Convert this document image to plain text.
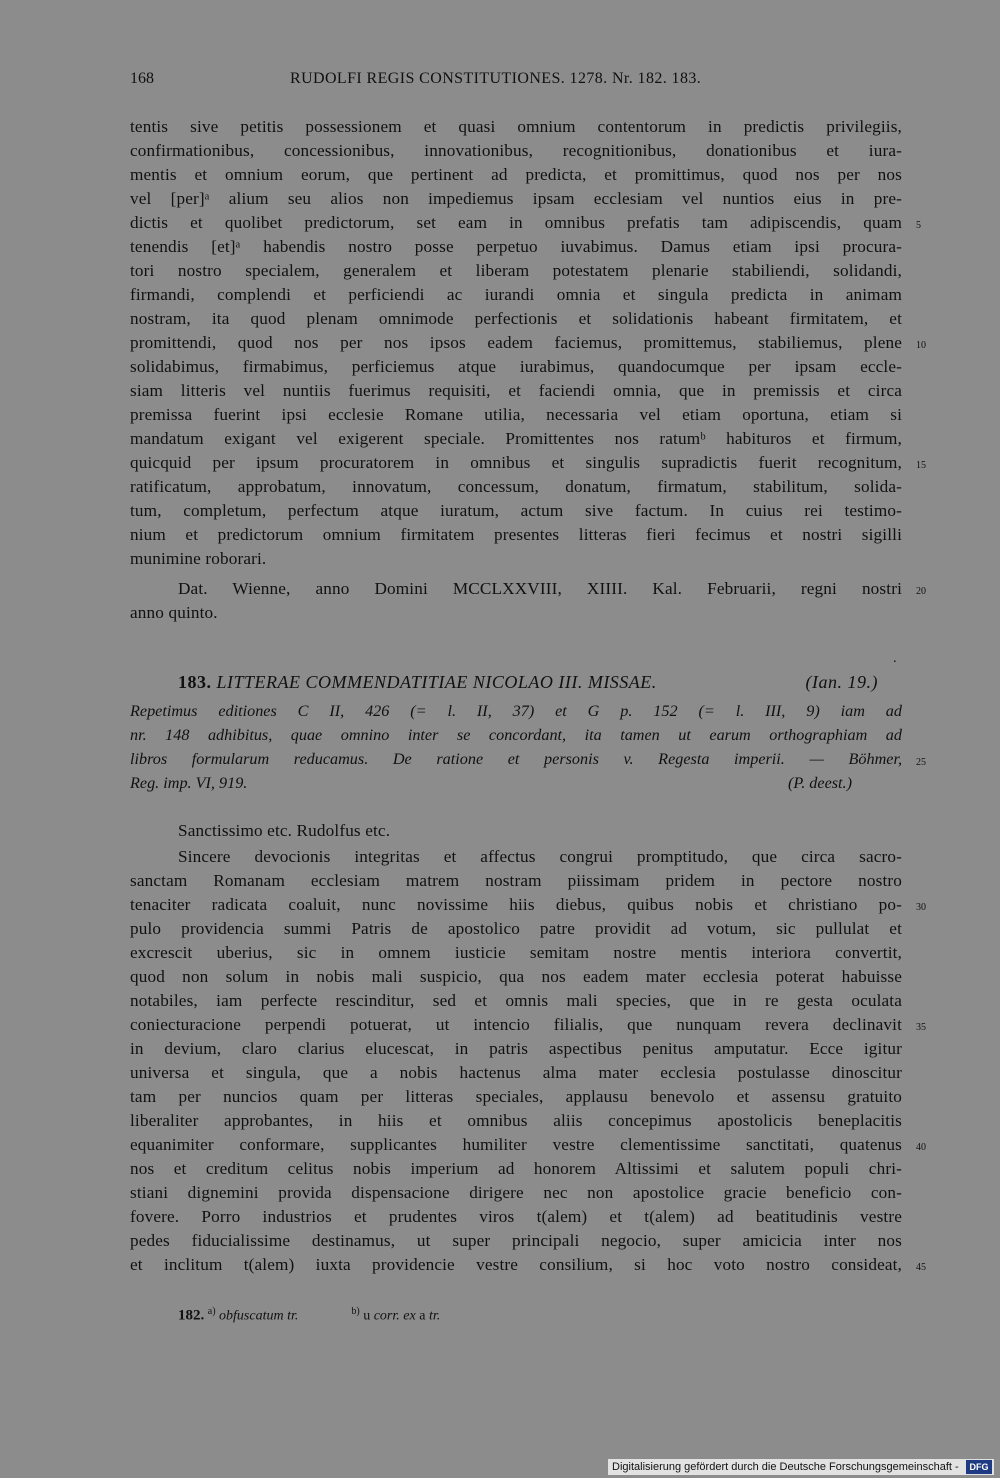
168	RUDOLFI REGIS CONSTITUTIONES. 1278. Nr. 182. 183.
tentis sive petitis possessionem et quasi omnium contentorum in predictis privilegiis,
confirmationibus, concessionibus, innovationibus, recognitionibus, donationibus et iura-
mentis et omnium eorum, que pertinent ad predicta, et promittimus, quod nos per nos
vel [per]ᵃ alium seu alios non impediemus ipsam ecclesiam vel nuntios eius in pre-
dictis et quolibet predictorum, set eam in omnibus prefatis tam adipiscendis, quam
tenendis [et]ᵃ habendis nostro posse perpetuo iuvabimus. Damus etiam ipsi procura-
tori nostro specialem, generalem et liberam potestatem plenarie stabiliendi, solidandi,
firmandi, complendi et perficiendi ac iurandi omnia et singula predicta in animam
nostram, ita quod plenam omnimode perfectionis et solidationis habeant firmitatem, et
promittendi, quod nos per nos ipsos eadem faciemus, promittemus, stabiliemus, plene
solidabimus, firmabimus, perficiemus atque iurabimus, quandocumque per ipsam eccle-
siam litteris vel nuntiis fuerimus requisiti, et faciendi omnia, que in premissis et circa
premissa fuerint ipsi ecclesie Romane utilia, necessaria vel etiam oportuna, etiam si
mandatum exigant vel exigerent speciale. Promittentes nos ratumᵇ habituros et firmum,
quicquid per ipsum procuratorem in omnibus et singulis supradictis fuerit recognitum,
ratificatum, approbatum, innovatum, concessum, donatum, firmatum, stabilitum, solida-
tum, completum, perfectum atque iuratum, actum sive factum. In cuius rei testimo-
nium et predictorum omnium firmitatem presentes litteras fieri fecimus et nostri sigilli
munimine roborari.
Dat. Wienne, anno Domini MCCLXXVIII, XIIII. Kal. Februarii, regni nostri
anno quinto.
183. LITTERAE COMMENDATITIAE NICOLAO III. MISSAE.	(Ian. 19.)
˙
Repetimus editiones C II, 426 (= l. II, 37) et G p. 152 (= l. III, 9) iam ad
nr. 148 adhibitus, quae omnino inter se concordant, ita tamen ut earum orthographiam ad
libros formularum reducamus. De ratione et personis v. Regesta imperii. — Böhmer,
Reg. imp. VI, 919.	(P. deest.)
Sanctissimo etc. Rudolfus etc.
Sincere devocionis integritas et affectus congrui promptitudo, que circa sacro-
sanctam Romanam ecclesiam matrem nostram piissimam pridem in pectore nostro
tenaciter radicata coaluit, nunc novissime hiis diebus, quibus nobis et christiano po-
pulo providencia summi Patris de apostolico patre providit ad votum, sic pullulat et
excrescit uberius, sic in omnem iusticie semitam nostre mentis interiora convertit,
quod non solum in nobis mali suspicio, qua nos eadem mater ecclesia poterat habuisse
notabiles, iam perfecte rescinditur, sed et omnis mali species, que in re gesta oculata
coniecturacione perpendi potuerat, ut intencio filialis, que nunquam revera declinavit
in devium, claro clarius elucescat, in patris aspectibus penitus amputatur. Ecce igitur
universa et singula, que a nobis hactenus alma mater ecclesia postulasse dinoscitur
tam per nuncios quam per litteras speciales, applausu benevolo et assensu gratuito
liberaliter approbantes, in hiis et omnibus aliis concepimus apostolicis beneplacitis
equanimiter conformare, supplicantes humiliter vestre clementissime sanctitati, quatenus
nos et creditum celitus nobis imperium ad honorem Altissimi et salutem populi chri-
stiani dignemini provida dispensacione dirigere nec non apostolice gracie beneficio con-
fovere. Porro industrios et prudentes viros t(alem) et t(alem) ad beatitudinis vestre
pedes fiducialissime destinamus, ut super principali negocio, super amicicia inter nos
et inclitum t(alem) iuxta providencie vestre consilium, si hoc voto nostro consideat,
5
10
15
20
25
30
35
40
45
182. $^{a)}$ obfuscatum tr.	$^{b)}$ u corr. ex a tr.
Digitalisierung gefördert durch die Deutsche Forschungsgemeinschaft -	DFG
